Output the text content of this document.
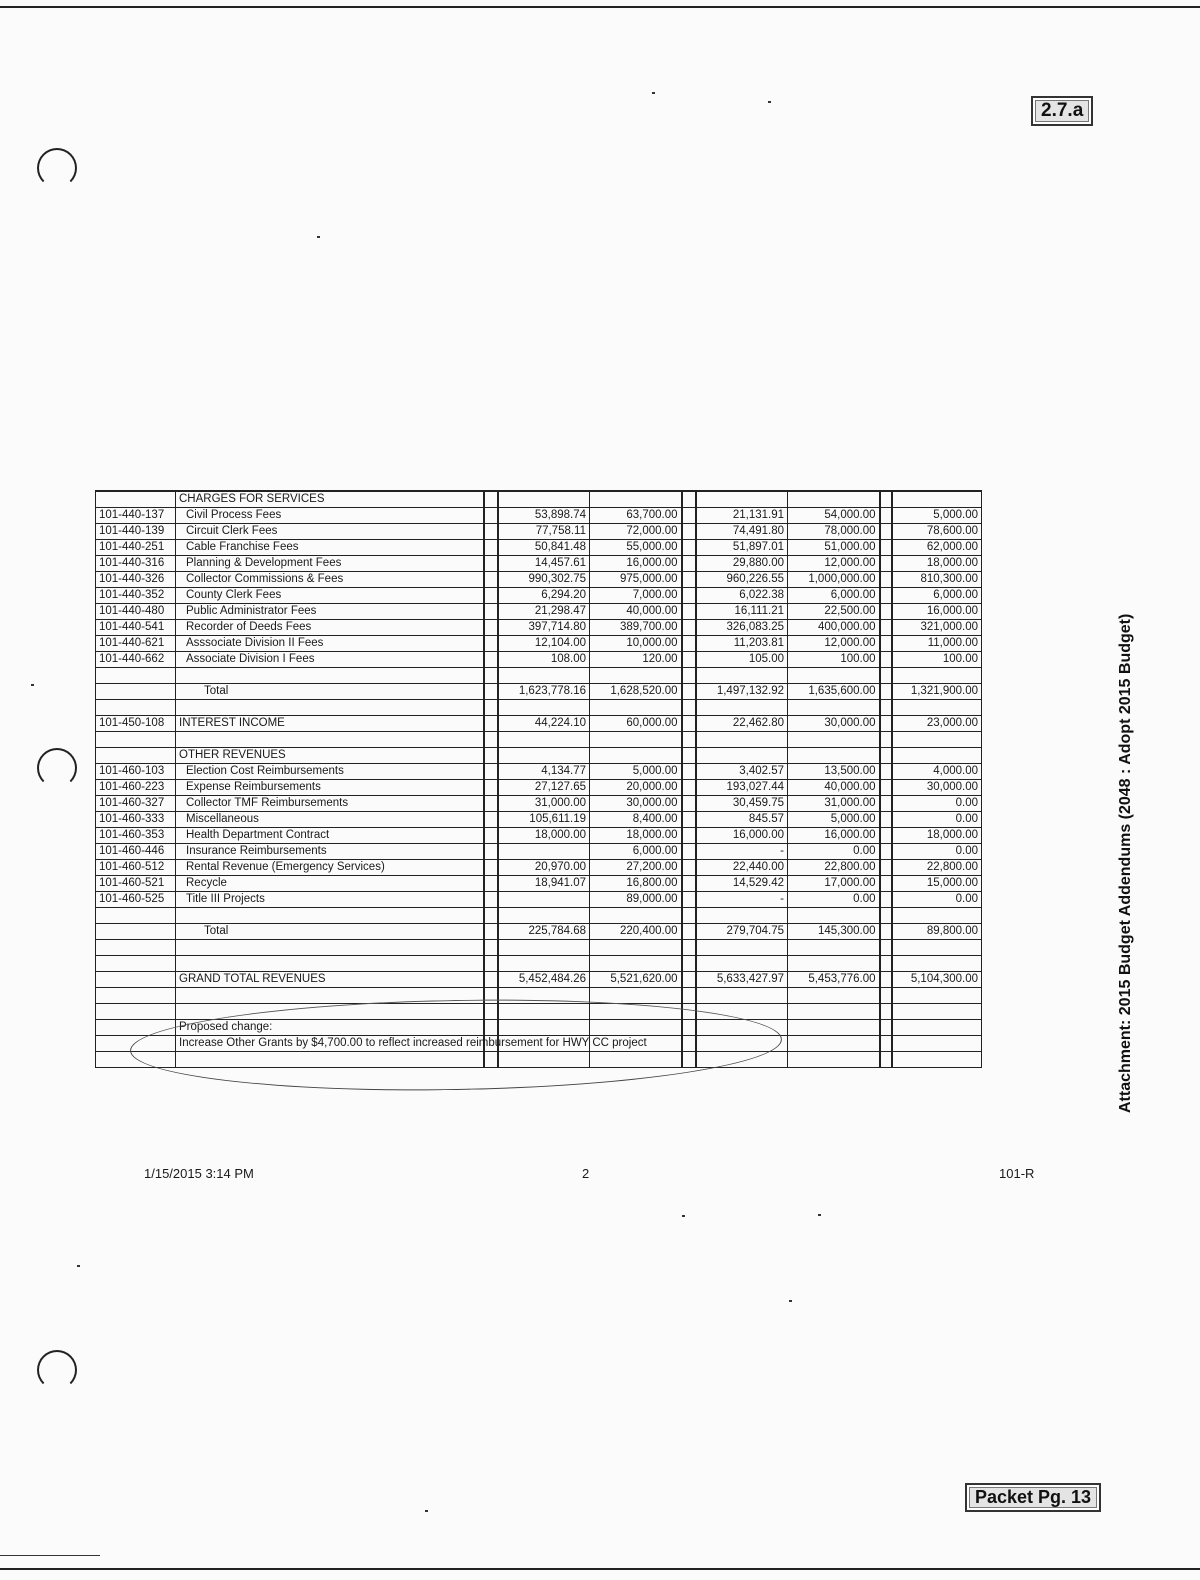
2.7.a
Packet Pg. 13
Attachment: 2015 Budget Addendums (2048 : Adopt 2015 Budget)
	CHARGES FOR SERVICES								
101-440-137	Civil Process Fees		53,898.74	63,700.00		21,131.91	54,000.00		5,000.00
101-440-139	Circuit Clerk Fees		77,758.11	72,000.00		74,491.80	78,000.00		78,600.00
101-440-251	Cable Franchise Fees		50,841.48	55,000.00		51,897.01	51,000.00		62,000.00
101-440-316	Planning & Development Fees		14,457.61	16,000.00		29,880.00	12,000.00		18,000.00
101-440-326	Collector Commissions & Fees		990,302.75	975,000.00		960,226.55	1,000,000.00		810,300.00
101-440-352	County Clerk Fees		6,294.20	7,000.00		6,022.38	6,000.00		6,000.00
101-440-480	Public Administrator Fees		21,298.47	40,000.00		16,111.21	22,500.00		16,000.00
101-440-541	Recorder of Deeds Fees		397,714.80	389,700.00		326,083.25	400,000.00		321,000.00
101-440-621	Asssociate Division II Fees		12,104.00	10,000.00		11,203.81	12,000.00		11,000.00
101-440-662	Associate Division I Fees		108.00	120.00		105.00	100.00		100.00

	Total		1,623,778.16	1,628,520.00		1,497,132.92	1,635,600.00		1,321,900.00

101-450-108	INTEREST INCOME		44,224.10	60,000.00		22,462.80	30,000.00		23,000.00

	OTHER REVENUES								
101-460-103	Election Cost Reimbursements		4,134.77	5,000.00		3,402.57	13,500.00		4,000.00
101-460-223	Expense Reimbursements		27,127.65	20,000.00		193,027.44	40,000.00		30,000.00
101-460-327	Collector TMF Reimbursements		31,000.00	30,000.00		30,459.75	31,000.00		0.00
101-460-333	Miscellaneous		105,611.19	8,400.00		845.57	5,000.00		0.00
101-460-353	Health Department Contract		18,000.00	18,000.00		16,000.00	16,000.00		18,000.00
101-460-446	Insurance Reimbursements			6,000.00		-	0.00		0.00
101-460-512	Rental Revenue (Emergency Services)		20,970.00	27,200.00		22,440.00	22,800.00		22,800.00
101-460-521	Recycle		18,941.07	16,800.00		14,529.42	17,000.00		15,000.00
101-460-525	Title III Projects			89,000.00		-	0.00		0.00

	Total		225,784.68	220,400.00		279,704.75	145,300.00		89,800.00

	GRAND TOTAL REVENUES		5,452,484.26	5,521,620.00		5,633,427.97	5,453,776.00		5,104,300.00

	Proposed change:								
	Increase Other Grants by $4,700.00 to reflect increased reimbursement for HWY CC project								

1/15/2015 3:14 PM	2	101-R
